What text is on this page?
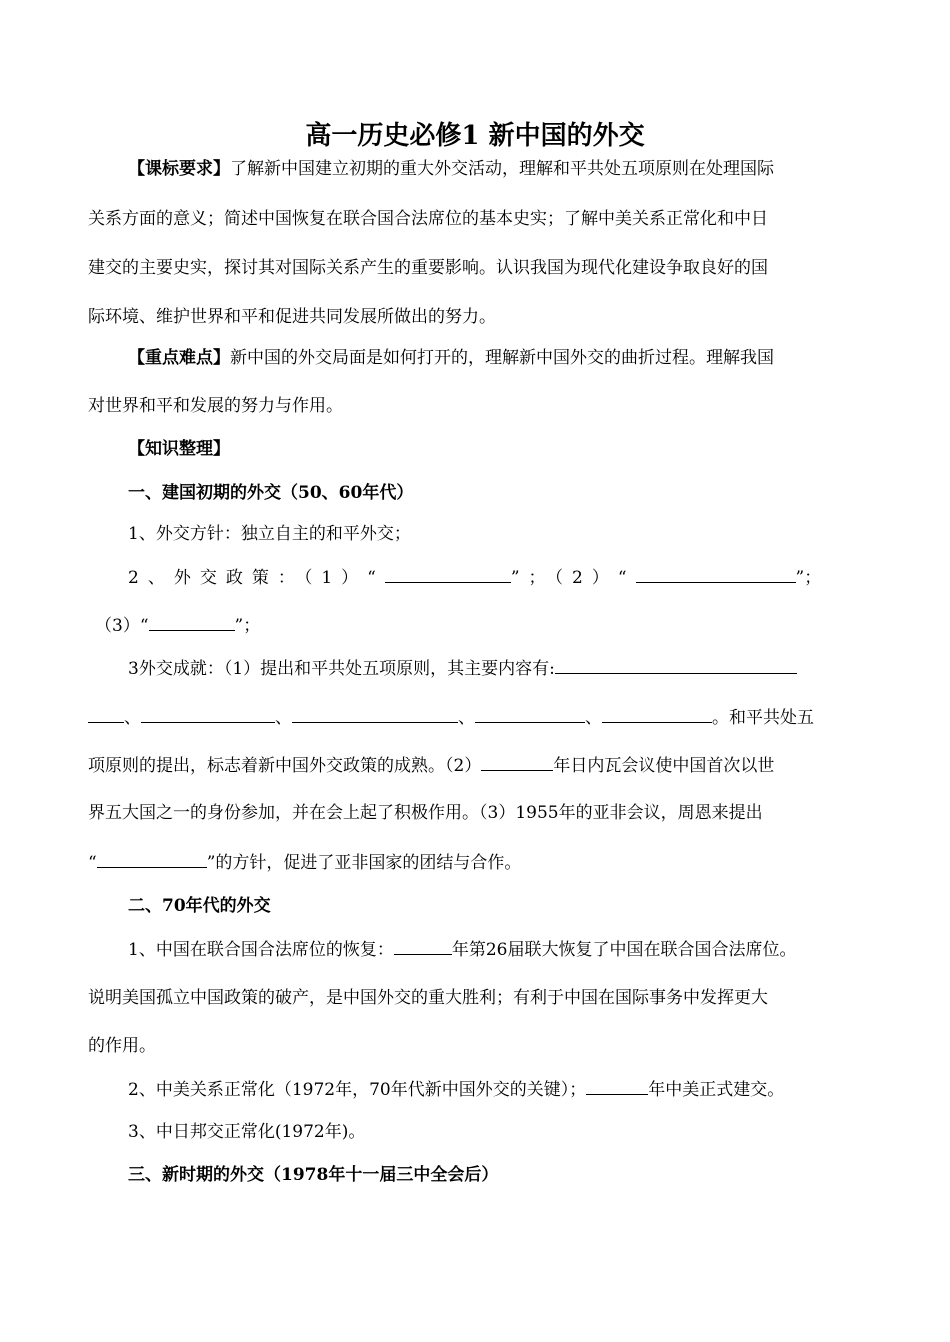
高一历史必修1 新中国的外交
【课标要求】了解新中国建立初期的重大外交活动，理解和平共处五项原则在处理国际
关系方面的意义；简述中国恢复在联合国合法席位的基本史实；了解中美关系正常化和中日
建交的主要史实，探讨其对国际关系产生的重要影响。认识我国为现代化建设争取良好的国
际环境、维护世界和平和促进共同发展所做出的努力。
【重点难点】新中国的外交局面是如何打开的，理解新中国外交的曲折过程。理解我国
对世界和平和发展的努力与作用。
【知识整理】
一、建国初期的外交（50、60年代）
1、外交方针：独立自主的和平外交；
2、外交政策：（1）“	”；（2）“	”；
（3）“	”；
3外交成就：（1）提出和平共处五项原则，其主要内容有:
、	、	、	、	。和平共处五
项原则的提出，标志着新中国外交政策的成熟。（2）	年日内瓦会议使中国首次以世
界五大国之一的身份参加，并在会上起了积极作用。（3）1955年的亚非会议，周恩来提出
“	”的方针，促进了亚非国家的团结与合作。
二、70年代的外交
1、中国在联合国合法席位的恢复：	年第26届联大恢复了中国在联合国合法席位。
说明美国孤立中国政策的破产，是中国外交的重大胜利；有利于中国在国际事务中发挥更大
的作用。
2、中美关系正常化（1972年，70年代新中国外交的关键）；	年中美正式建交。
3、中日邦交正常化(1972年)。
三、新时期的外交（1978年十一届三中全会后）
